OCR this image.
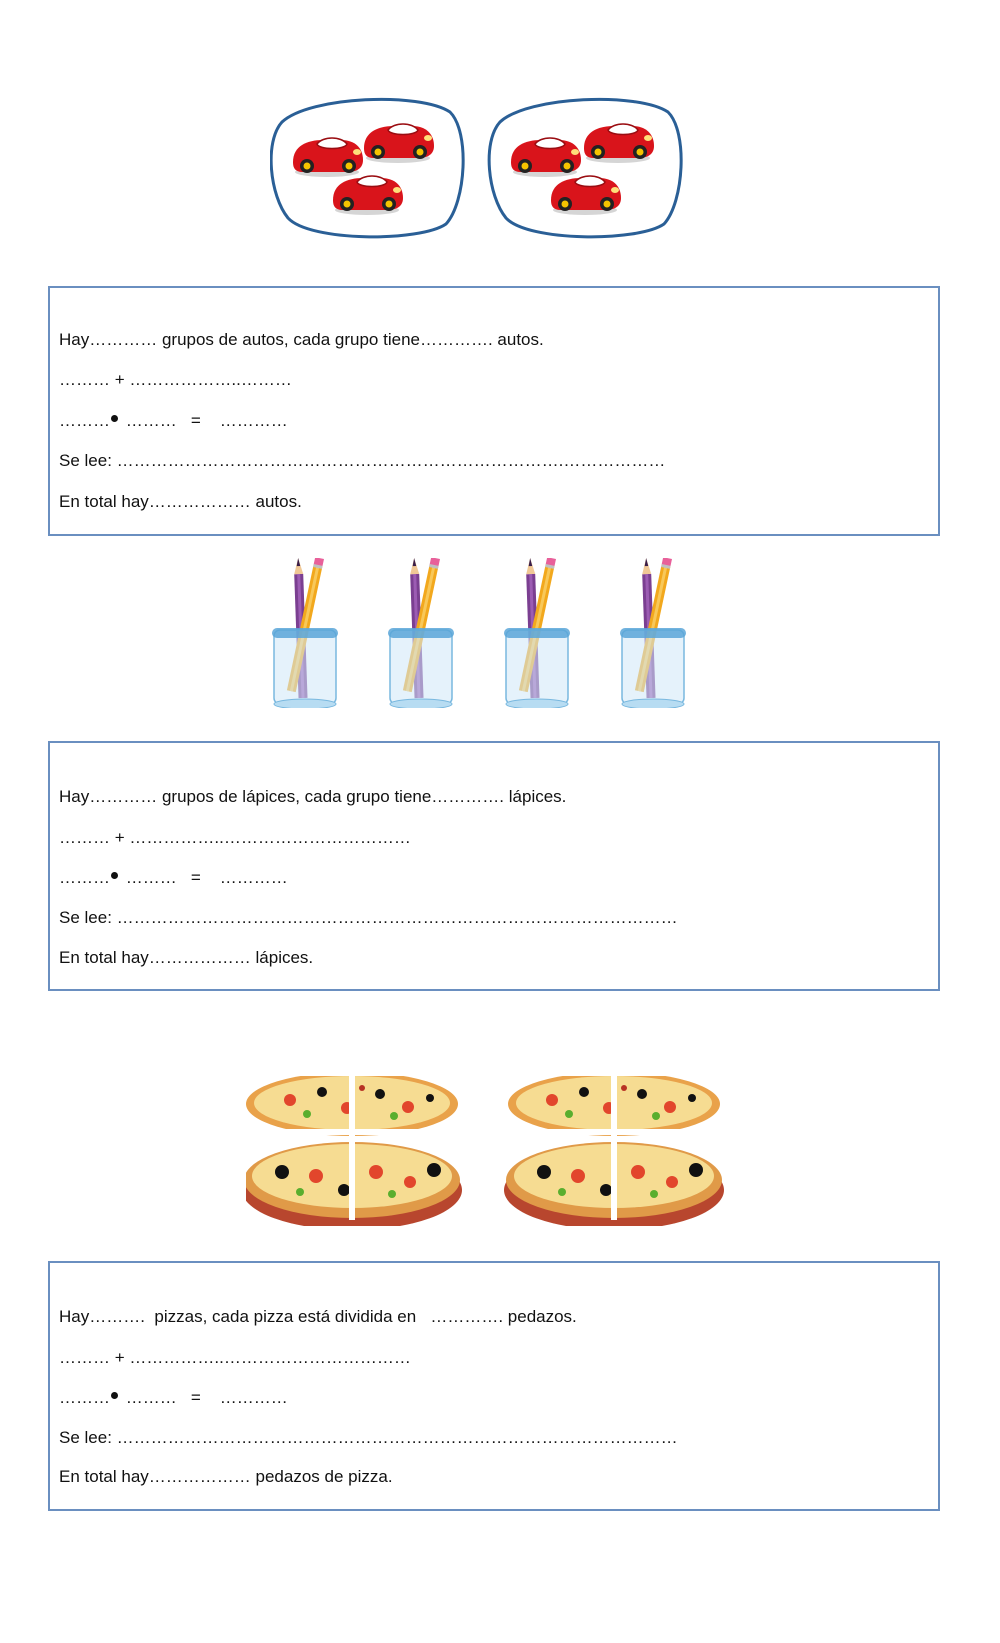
Hay………… grupos de autos, cada grupo tiene…………. autos.
……… + ………………..………
……… ………   =    …………
Se lee: …………………………………………………………………….………………
En total hay……………… autos.
Hay………… grupos de lápices, cada grupo tiene…………. lápices.
……… + ……………..……………………………
……… ………   =    …………
Se lee: ………………………………………………………………………………………
En total hay……………… lápices.
Hay……….  pizzas, cada pizza está dividida en   …………. pedazos.
……… + ……………..……………………………
……… ………   =    …………
Se lee: ………………………………………………………………………………………
En total hay……………… pedazos de pizza.
